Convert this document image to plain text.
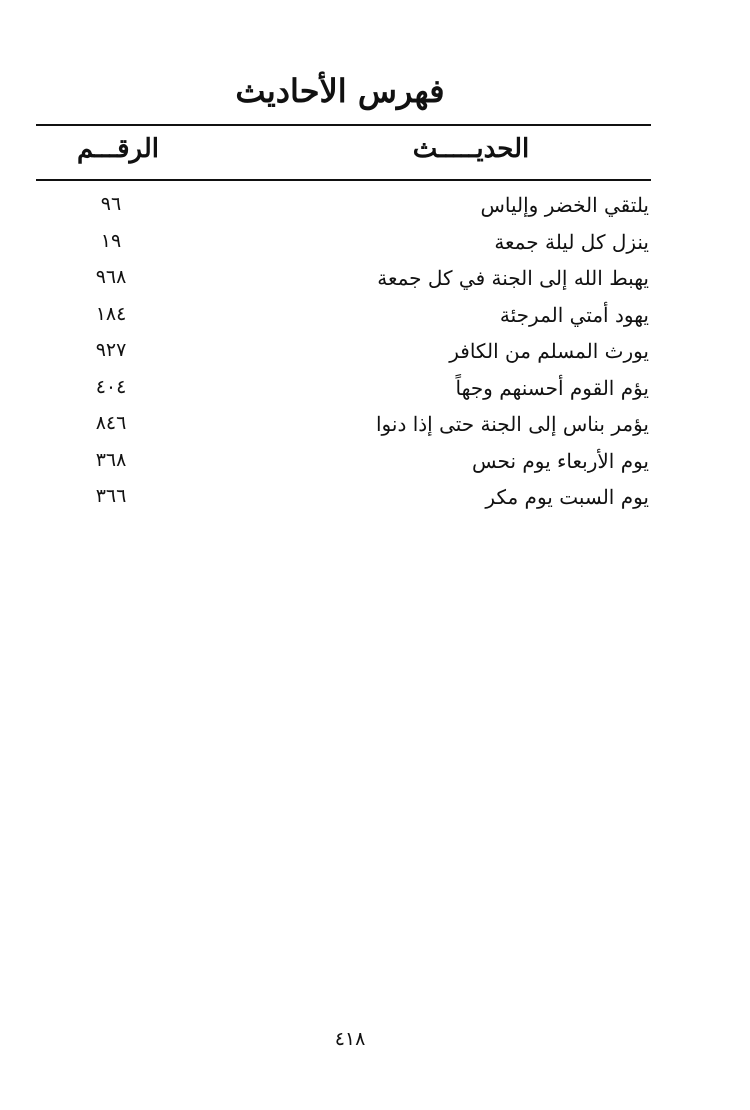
فهرس الأحاديث
الحديـــــث
الرقـــم
يلتقي الخضر وإلياس
٩٦
ينزل كل ليلة جمعة
١٩
يهبط الله إلى الجنة في كل جمعة
٩٦٨
يهود أمتي المرجئة
١٨٤
يورث المسلم من الكافر
٩٢٧
يؤم القوم أحسنهم وجهاً
٤٠٤
يؤمر بناس إلى الجنة حتى إذا دنوا
٨٤٦
يوم الأربعاء يوم نحس
٣٦٨
يوم السبت يوم مكر
٣٦٦
٤١٨
